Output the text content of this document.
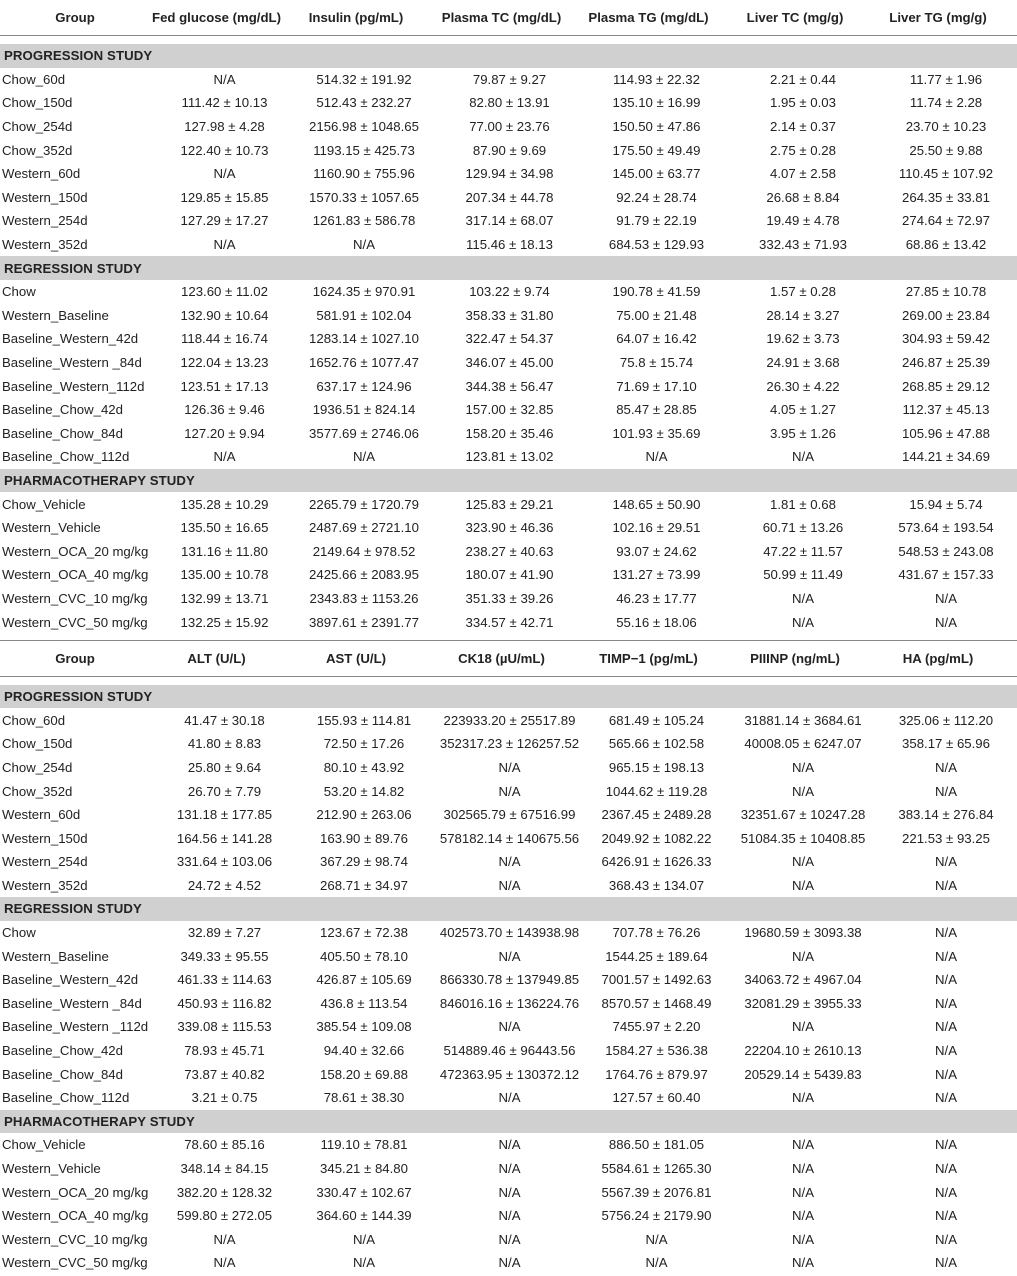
Group	Fed glucose (mg/dL)	Insulin (pg/mL)	Plasma TC (mg/dL)	Plasma TG (mg/dL)	Liver TC (mg/g)	Liver TG (mg/g)
PROGRESSION STUDY
Chow_60d	N/A	514.32 ± 191.92	79.87 ± 9.27	114.93 ± 22.32	2.21 ± 0.44	11.77 ± 1.96
Chow_150d	111.42 ± 10.13	512.43 ± 232.27	82.80 ± 13.91	135.10 ± 16.99	1.95 ± 0.03	11.74 ± 2.28
Chow_254d	127.98 ± 4.28	2156.98 ± 1048.65	77.00 ± 23.76	150.50 ± 47.86	2.14 ± 0.37	23.70 ± 10.23
Chow_352d	122.40 ± 10.73	1193.15 ± 425.73	87.90 ± 9.69	175.50 ± 49.49	2.75 ± 0.28	25.50 ± 9.88
Western_60d	N/A	1160.90 ± 755.96	129.94 ± 34.98	145.00 ± 63.77	4.07 ± 2.58	110.45 ± 107.92
Western_150d	129.85 ± 15.85	1570.33 ± 1057.65	207.34 ± 44.78	92.24 ± 28.74	26.68 ± 8.84	264.35 ± 33.81
Western_254d	127.29 ± 17.27	1261.83 ± 586.78	317.14 ± 68.07	91.79 ± 22.19	19.49 ± 4.78	274.64 ± 72.97
Western_352d	N/A	N/A	115.46 ± 18.13	684.53 ± 129.93	332.43 ± 71.93	68.86 ± 13.42
REGRESSION STUDY
Chow	123.60 ± 11.02	1624.35 ± 970.91	103.22 ± 9.74	190.78 ± 41.59	1.57 ± 0.28	27.85 ± 10.78
Western_Baseline	132.90 ± 10.64	581.91 ± 102.04	358.33 ± 31.80	75.00 ± 21.48	28.14 ± 3.27	269.00 ± 23.84
Baseline_Western_42d	118.44 ± 16.74	1283.14 ± 1027.10	322.47 ± 54.37	64.07 ± 16.42	19.62 ± 3.73	304.93 ± 59.42
Baseline_Western _84d	122.04 ± 13.23	1652.76 ± 1077.47	346.07 ± 45.00	75.8 ± 15.74	24.91 ± 3.68	246.87 ± 25.39
Baseline_Western_112d	123.51 ± 17.13	637.17 ± 124.96	344.38 ± 56.47	71.69 ± 17.10	26.30 ± 4.22	268.85 ± 29.12
Baseline_Chow_42d	126.36 ± 9.46	1936.51 ± 824.14	157.00 ± 32.85	85.47 ± 28.85	4.05 ± 1.27	112.37 ± 45.13
Baseline_Chow_84d	127.20 ± 9.94	3577.69 ± 2746.06	158.20 ± 35.46	101.93 ± 35.69	3.95 ± 1.26	105.96 ± 47.88
Baseline_Chow_112d	N/A	N/A	123.81 ± 13.02	N/A	N/A	144.21 ± 34.69
PHARMACOTHERAPY STUDY
Chow_Vehicle	135.28 ± 10.29	2265.79 ± 1720.79	125.83 ± 29.21	148.65 ± 50.90	1.81 ± 0.68	15.94 ± 5.74
Western_Vehicle	135.50 ± 16.65	2487.69 ± 2721.10	323.90 ± 46.36	102.16 ± 29.51	60.71 ± 13.26	573.64 ± 193.54
Western_OCA_20 mg/kg	131.16 ± 11.80	2149.64 ± 978.52	238.27 ± 40.63	93.07 ± 24.62	47.22 ± 11.57	548.53 ± 243.08
Western_OCA_40 mg/kg	135.00 ± 10.78	2425.66 ± 2083.95	180.07 ± 41.90	131.27 ± 73.99	50.99 ± 11.49	431.67 ± 157.33
Western_CVC_10 mg/kg	132.99 ± 13.71	2343.83 ± 1153.26	351.33 ± 39.26	46.23 ± 17.77	N/A	N/A
Western_CVC_50 mg/kg	132.25 ± 15.92	3897.61 ± 2391.77	334.57 ± 42.71	55.16 ± 18.06	N/A	N/A
Group	ALT (U/L)	AST (U/L)	CK18 (µU/mL)	TIMP−1 (pg/mL)	PIIINP (ng/mL)	HA (pg/mL)
PROGRESSION STUDY
Chow_60d	41.47 ± 30.18	155.93 ± 114.81	223933.20 ± 25517.89	681.49 ± 105.24	31881.14 ± 3684.61	325.06 ± 112.20
Chow_150d	41.80 ± 8.83	72.50 ± 17.26	352317.23 ± 126257.52	565.66 ± 102.58	40008.05 ± 6247.07	358.17 ± 65.96
Chow_254d	25.80 ± 9.64	80.10 ± 43.92	N/A	965.15 ± 198.13	N/A	N/A
Chow_352d	26.70 ± 7.79	53.20 ± 14.82	N/A	1044.62 ± 119.28	N/A	N/A
Western_60d	131.18 ± 177.85	212.90 ± 263.06	302565.79 ± 67516.99	2367.45 ± 2489.28	32351.67 ± 10247.28	383.14 ± 276.84
Western_150d	164.56 ± 141.28	163.90 ± 89.76	578182.14 ± 140675.56	2049.92 ± 1082.22	51084.35 ± 10408.85	221.53 ± 93.25
Western_254d	331.64 ± 103.06	367.29 ± 98.74	N/A	6426.91 ± 1626.33	N/A	N/A
Western_352d	24.72 ± 4.52	268.71 ± 34.97	N/A	368.43 ± 134.07	N/A	N/A
REGRESSION STUDY
Chow	32.89 ± 7.27	123.67 ± 72.38	402573.70 ± 143938.98	707.78 ± 76.26	19680.59 ± 3093.38	N/A
Western_Baseline	349.33 ± 95.55	405.50 ± 78.10	N/A	1544.25 ± 189.64	N/A	N/A
Baseline_Western_42d	461.33 ± 114.63	426.87 ± 105.69	866330.78 ± 137949.85	7001.57 ± 1492.63	34063.72 ± 4967.04	N/A
Baseline_Western _84d	450.93 ± 116.82	436.8 ± 113.54	846016.16 ± 136224.76	8570.57 ± 1468.49	32081.29 ± 3955.33	N/A
Baseline_Western _112d	339.08 ± 115.53	385.54 ± 109.08	N/A	7455.97 ± 2.20	N/A	N/A
Baseline_Chow_42d	78.93 ± 45.71	94.40 ± 32.66	514889.46 ± 96443.56	1584.27 ± 536.38	22204.10 ± 2610.13	N/A
Baseline_Chow_84d	73.87 ± 40.82	158.20 ± 69.88	472363.95 ± 130372.12	1764.76 ± 879.97	20529.14 ± 5439.83	N/A
Baseline_Chow_112d	3.21 ± 0.75	78.61 ± 38.30	N/A	127.57 ± 60.40	N/A	N/A
PHARMACOTHERAPY STUDY
Chow_Vehicle	78.60 ± 85.16	119.10 ± 78.81	N/A	886.50 ± 181.05	N/A	N/A
Western_Vehicle	348.14 ± 84.15	345.21 ± 84.80	N/A	5584.61 ± 1265.30	N/A	N/A
Western_OCA_20 mg/kg	382.20 ± 128.32	330.47 ± 102.67	N/A	5567.39 ± 2076.81	N/A	N/A
Western_OCA_40 mg/kg	599.80 ± 272.05	364.60 ± 144.39	N/A	5756.24 ± 2179.90	N/A	N/A
Western_CVC_10 mg/kg	N/A	N/A	N/A	N/A	N/A	N/A
Western_CVC_50 mg/kg	N/A	N/A	N/A	N/A	N/A	N/A
